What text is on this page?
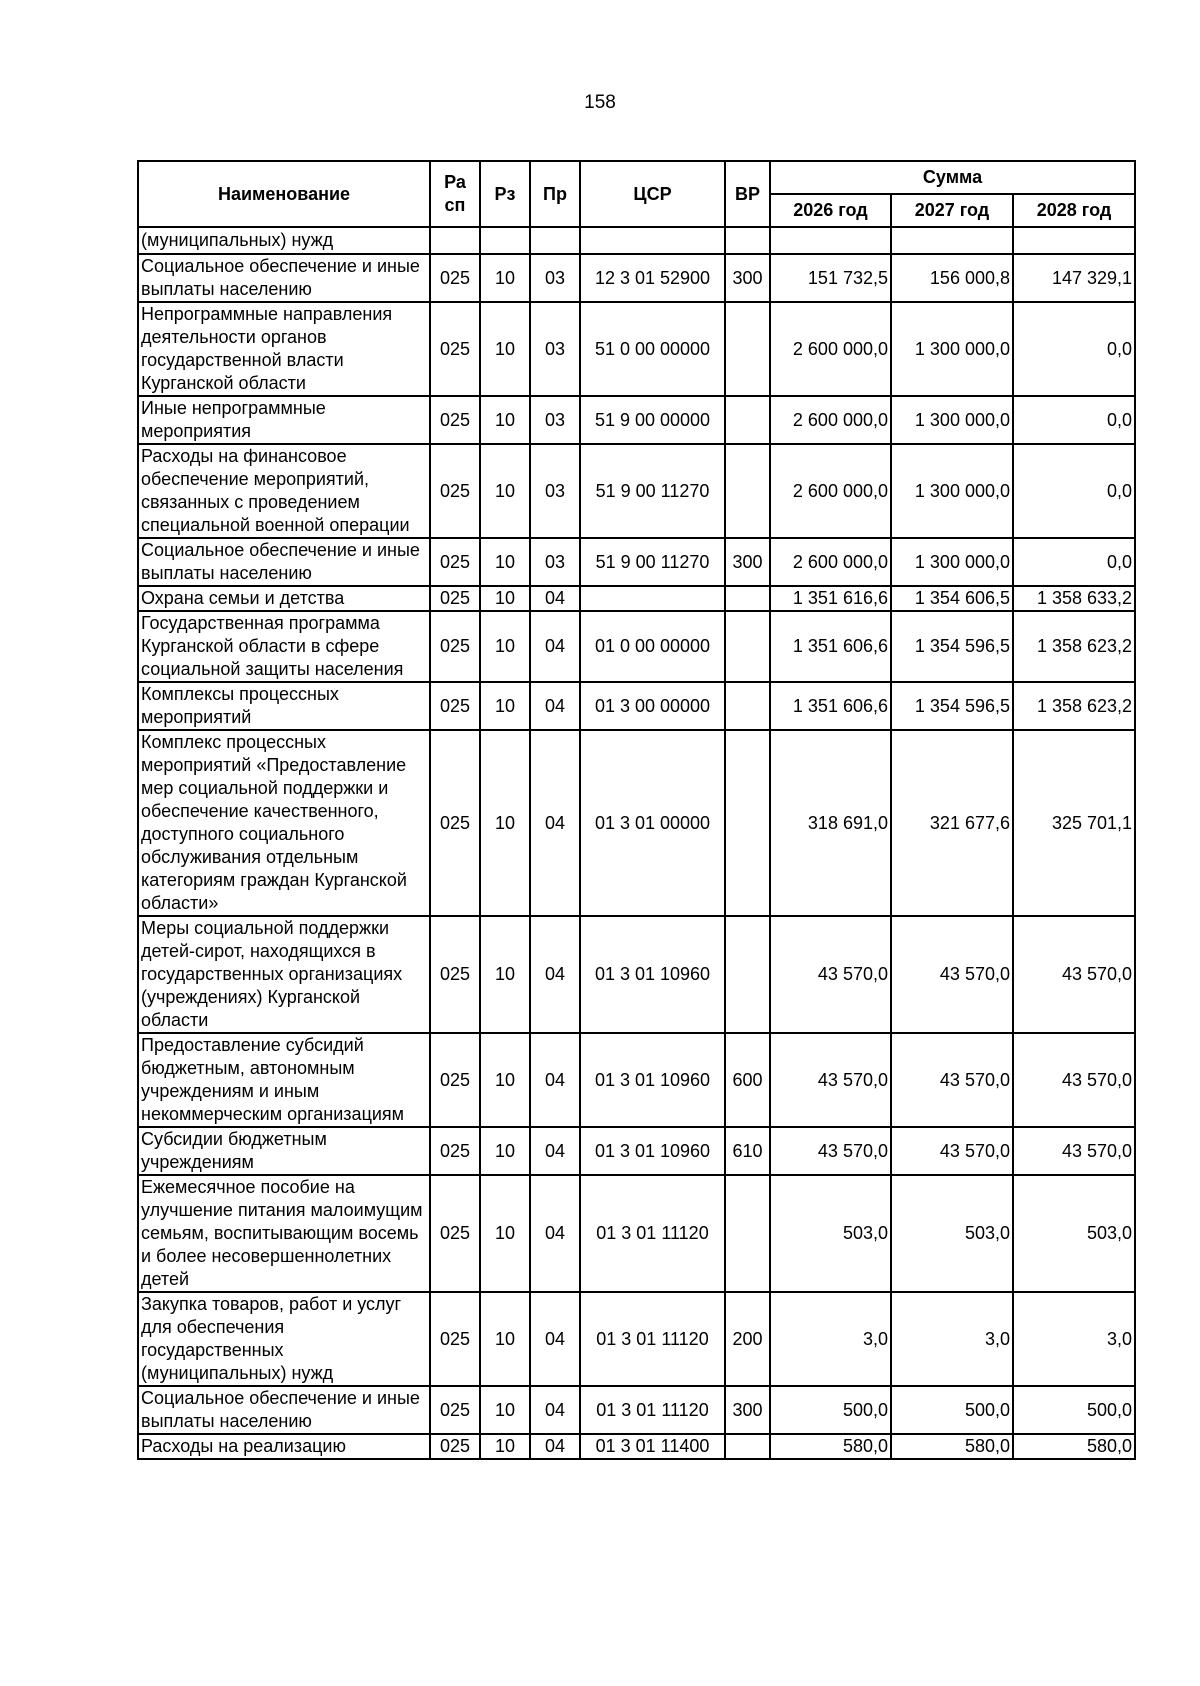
158
Наименование	Ра сп	Рз	Пр	ЦСР	ВР	Сумма		
						2026 год	2027 год	2028 год
(муниципальных) нужд								
Социальное обеспечение и иные выплаты населению	025	10	03	12 3 01 52900	300	151 732,5	156 000,8	147 329,1
Непрограммные направления деятельности органов государственной власти Курганской области	025	10	03	51 0 00 00000		2 600 000,0	1 300 000,0	0,0
Иные непрограммные мероприятия	025	10	03	51 9 00 00000		2 600 000,0	1 300 000,0	0,0
Расходы на финансовое обеспечение мероприятий, связанных с проведением специальной военной операции	025	10	03	51 9 00 11270		2 600 000,0	1 300 000,0	0,0
Социальное обеспечение и иные выплаты населению	025	10	03	51 9 00 11270	300	2 600 000,0	1 300 000,0	0,0
Охрана семьи и детства	025	10	04			1 351 616,6	1 354 606,5	1 358 633,2
Государственная программа Курганской области в сфере социальной защиты населения	025	10	04	01 0 00 00000		1 351 606,6	1 354 596,5	1 358 623,2
Комплексы процессных мероприятий	025	10	04	01 3 00 00000		1 351 606,6	1 354 596,5	1 358 623,2
Комплекс процессных мероприятий «Предоставление мер социальной поддержки и обеспечение качественного, доступного социального обслуживания отдельным категориям граждан Курганской области»	025	10	04	01 3 01 00000		318 691,0	321 677,6	325 701,1
Меры социальной поддержки детей-сирот, находящихся в государственных организациях (учреждениях) Курганской области	025	10	04	01 3 01 10960		43 570,0	43 570,0	43 570,0
Предоставление субсидий бюджетным, автономным учреждениям и иным некоммерческим организациям	025	10	04	01 3 01 10960	600	43 570,0	43 570,0	43 570,0
Субсидии бюджетным учреждениям	025	10	04	01 3 01 10960	610	43 570,0	43 570,0	43 570,0
Ежемесячное пособие на улучшение питания малоимущим семьям, воспитывающим восемь и более несовершеннолетних детей	025	10	04	01 3 01 11120		503,0	503,0	503,0
Закупка товаров, работ и услуг для обеспечения государственных (муниципальных) нужд	025	10	04	01 3 01 11120	200	3,0	3,0	3,0
Социальное обеспечение и иные выплаты населению	025	10	04	01 3 01 11120	300	500,0	500,0	500,0
Расходы на реализацию	025	10	04	01 3 01 11400		580,0	580,0	580,0
